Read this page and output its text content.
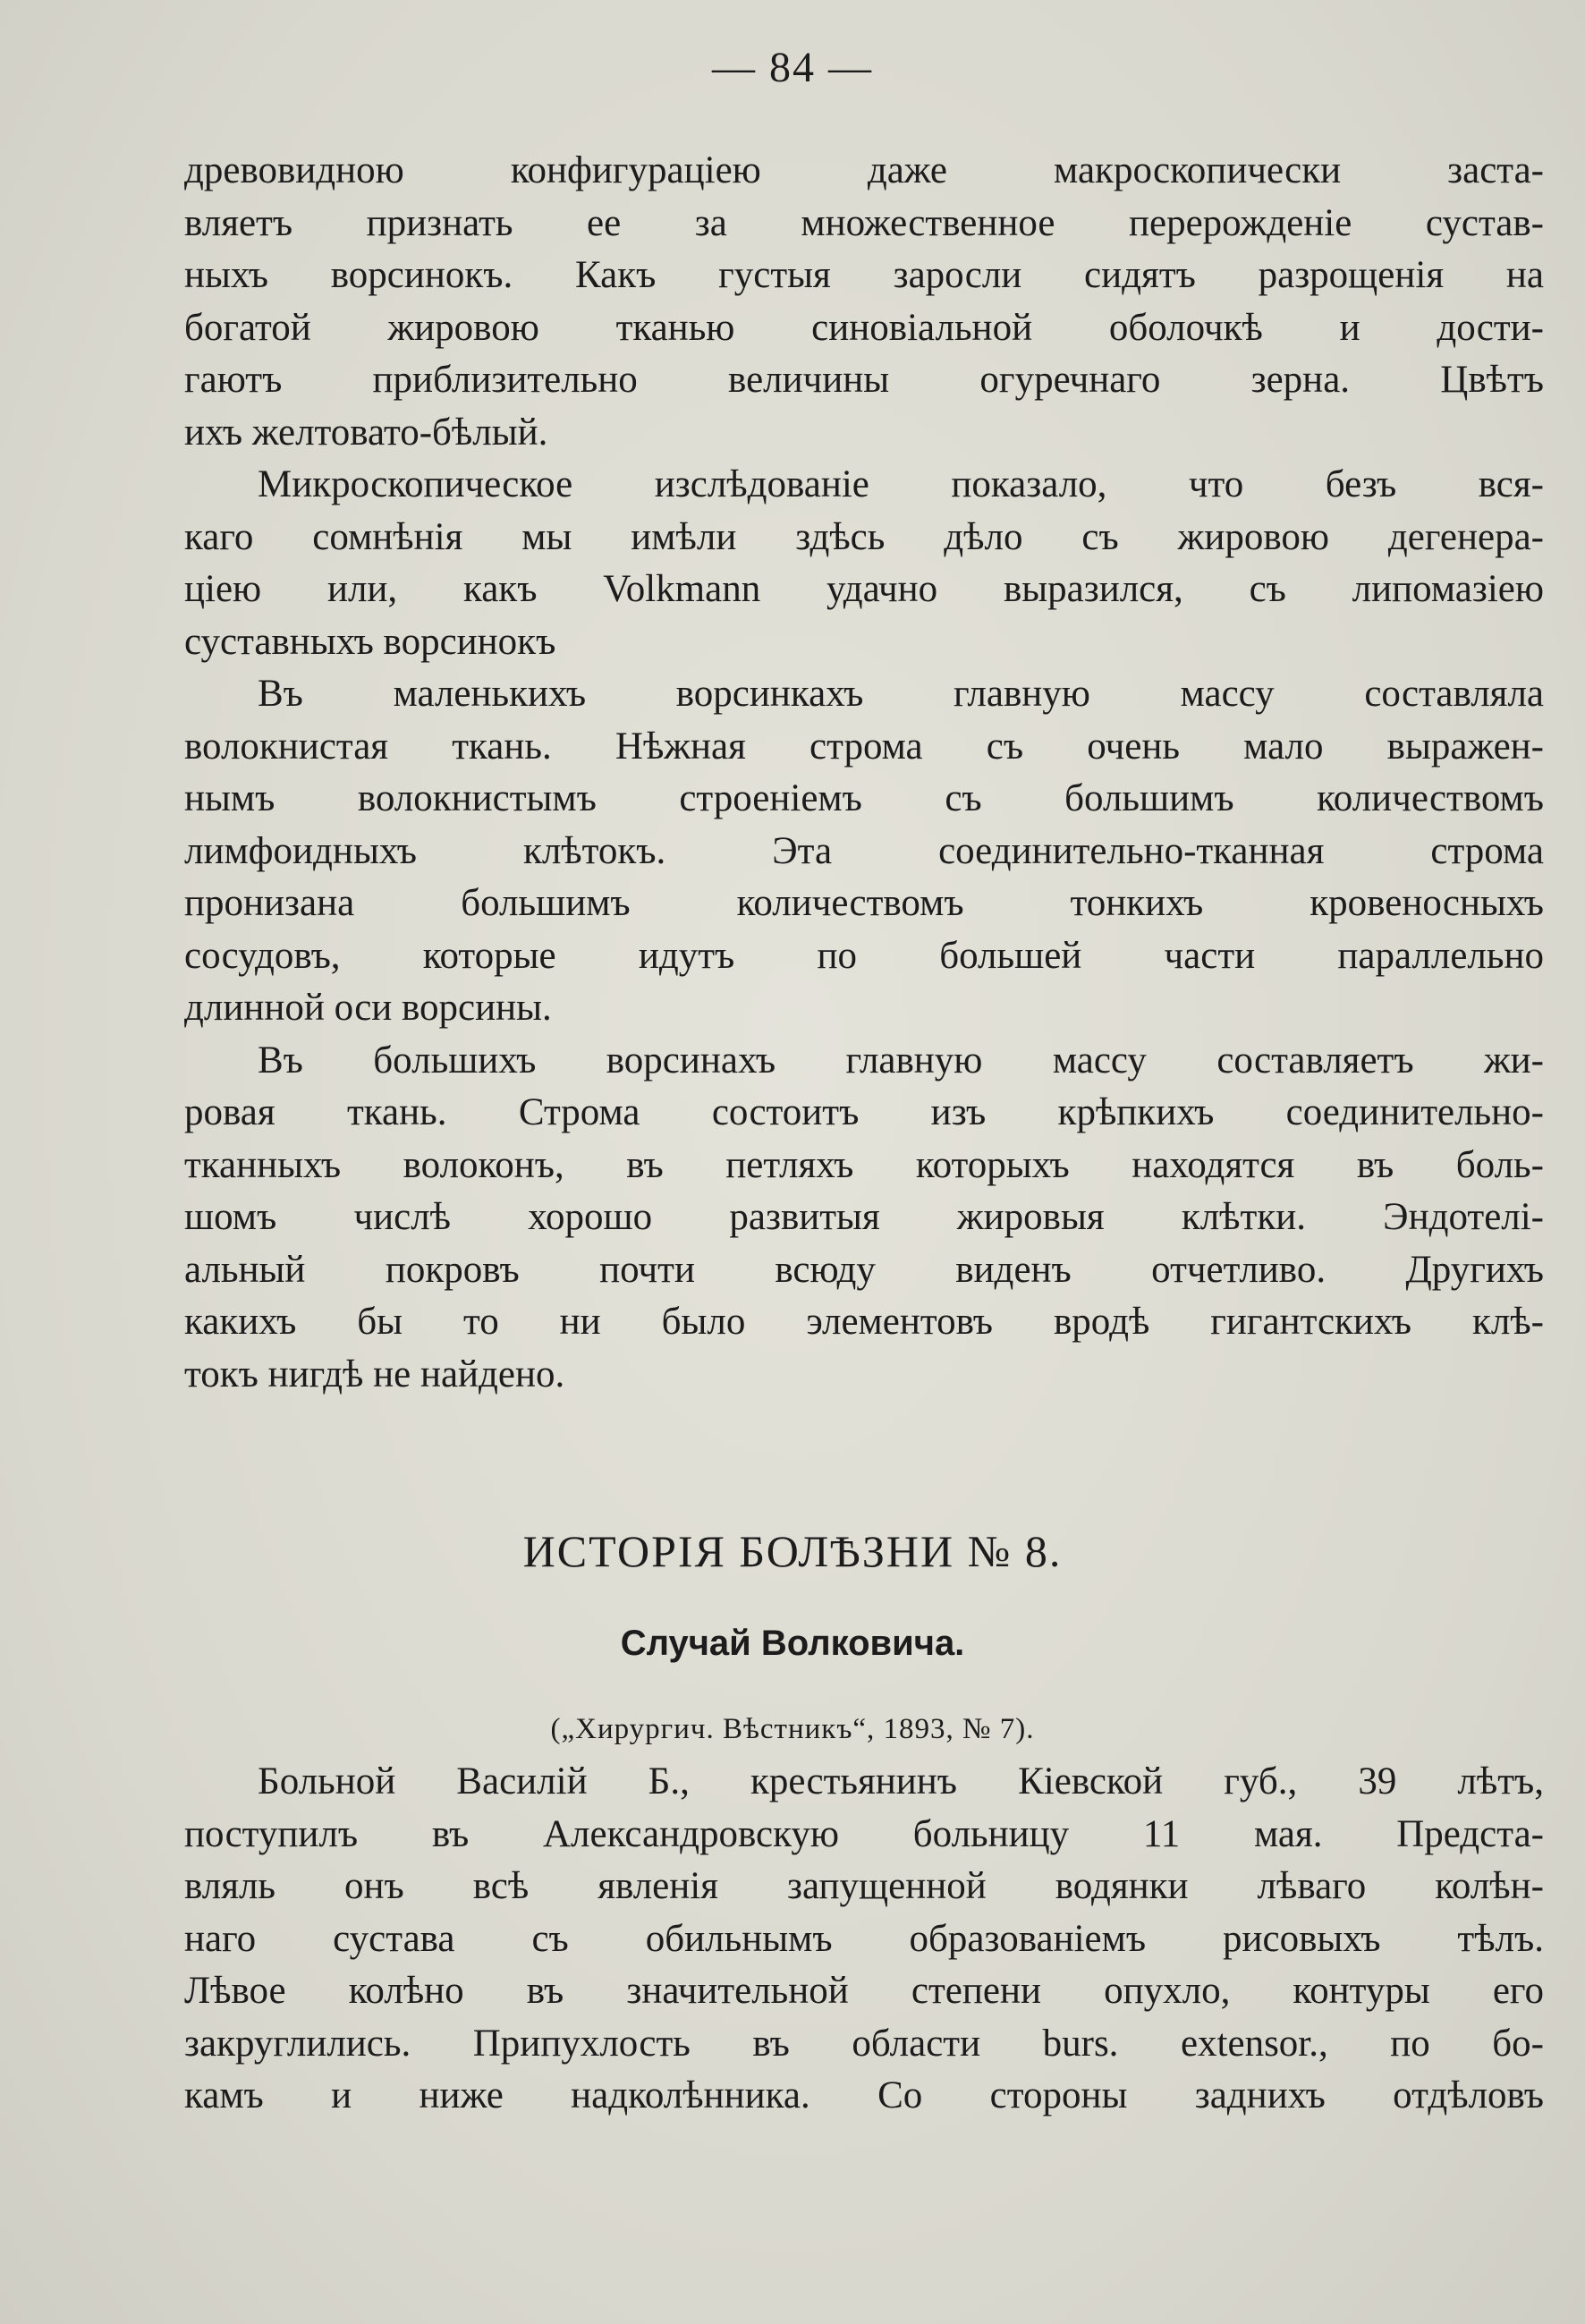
— 84 —
древовидною конфигураціею даже макроскопически заста-
вляетъ признать ее за множественное перерожденіе сустав-
ныхъ ворсинокъ. Какъ густыя заросли сидятъ разрощенія на
богатой жировою тканью синовіальной оболочкѣ и дости-
гаютъ приблизительно величины огуречнаго зерна. Цвѣтъ
ихъ желтовато-бѣлый.
Микроскопическое изслѣдованіе показало, что безъ вся-
каго сомнѣнія мы имѣли здѣсь дѣло съ жировою дегенера-
ціею или, какъ Volkmann удачно выразился, съ липомазіею
суставныхъ ворсинокъ
Въ маленькихъ ворсинкахъ главную массу составляла
волокнистая ткань. Нѣжная строма съ очень мало выражен-
нымъ волокнистымъ строеніемъ съ большимъ количествомъ
лимфоидныхъ клѣтокъ. Эта соединительно-тканная строма
пронизана большимъ количествомъ тонкихъ кровеносныхъ
сосудовъ, которые идутъ по большей части параллельно
длинной оси ворсины.
Въ большихъ ворсинахъ главную массу составляетъ жи-
ровая ткань. Строма состоитъ изъ крѣпкихъ соединительно-
тканныхъ волоконъ, въ петляхъ которыхъ находятся въ боль-
шомъ числѣ хорошо развитыя жировыя клѣтки. Эндотелі-
альный покровъ почти всюду виденъ отчетливо. Другихъ
какихъ бы то ни было элементовъ вродѣ гигантскихъ клѣ-
токъ нигдѣ не найдено.
ИСТОРІЯ БОЛѢЗНИ № 8.
Случай Волковича.
(„Хирургич. Вѣстникъ“, 1893, № 7).
Больной Василій Б., крестьянинъ Кіевской губ., 39 лѣтъ,
поступилъ въ Александровскую больницу 11 мая. Предста-
вляль онъ всѣ явленія запущенной водянки лѣваго колѣн-
наго сустава съ обильнымъ образованіемъ рисовыхъ тѣлъ.
Лѣвое колѣно въ значительной степени опухло, контуры его
закруглились. Припухлость въ области burs. extensor., по бо-
камъ и ниже надколѣнника. Со стороны заднихъ отдѣловъ
